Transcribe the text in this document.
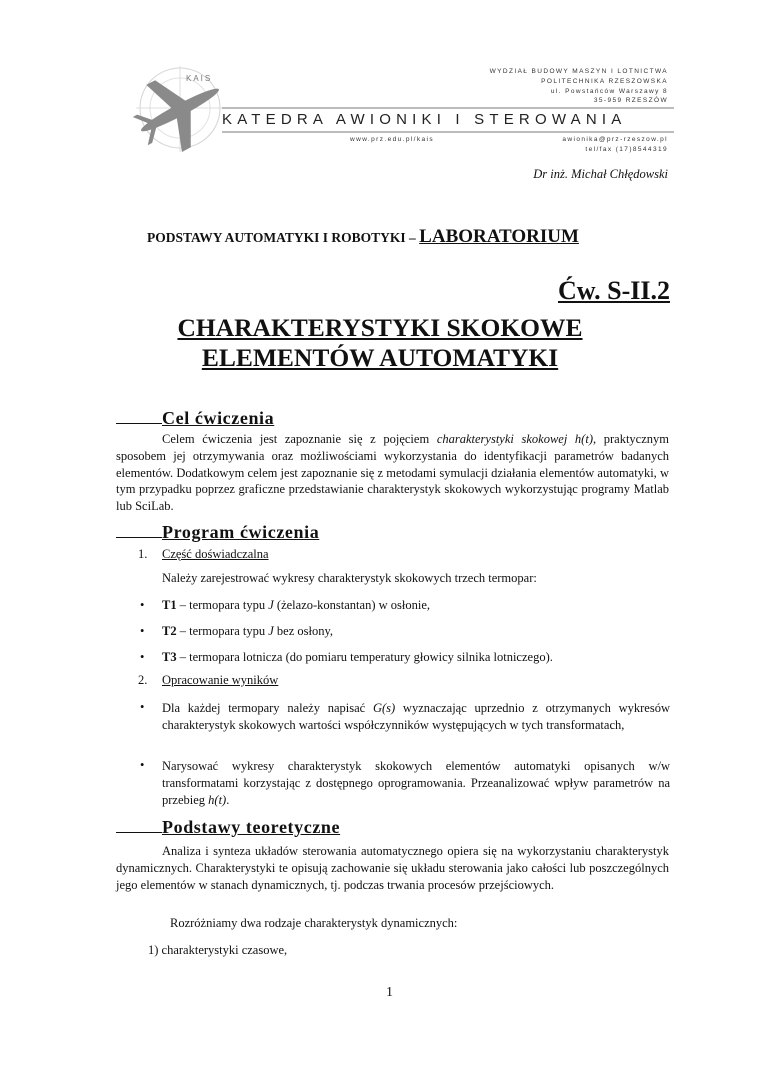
KAIS
WYDZIAŁ BUDOWY MASZYN I LOTNICTWA
POLITECHNIKA RZESZOWSKA
ul. Powstańców Warszawy 8
35-959 RZESZÓW
KATEDRA AWIONIKI I STEROWANIA
www.prz.edu.pl/kais	awionika@prz-rzeszow.pl
tel/fax (17)8544319
Dr inż. Michał Chłędowski
PODSTAWY AUTOMATYKI I ROBOTYKI – LABORATORIUM
Ćw. S-II.2
CHARAKTERYSTYKI SKOKOWE
ELEMENTÓW AUTOMATYKI
Cel ćwiczenia
Celem ćwiczenia jest zapoznanie się z pojęciem charakterystyki skokowej h(t), praktycznym sposobem jej otrzymywania oraz możliwościami wykorzystania do identyfikacji parametrów badanych elementów. Dodatkowym celem jest zapoznanie się z metodami symulacji działania elementów automatyki, w tym przypadku poprzez graficzne przedstawianie charakterystyk skokowych wykorzystując programy Matlab lub SciLab.
Program ćwiczenia
1. Część doświadczalna
Należy zarejestrować wykresy charakterystyk skokowych trzech termopar:
• T1 – termopara typu J (żelazo-konstantan) w osłonie,
• T2 – termopara typu J bez osłony,
• T3 – termopara lotnicza (do pomiaru temperatury głowicy silnika lotniczego).
2. Opracowanie wyników
• Dla każdej termopary należy napisać G(s) wyznaczając uprzednio z otrzymanych wykresów charakterystyk skokowych wartości współczynników występujących w tych transformatach,
• Narysować wykresy charakterystyk skokowych elementów automatyki opisanych w/w transformatami korzystając z dostępnego oprogramowania. Przeanalizować wpływ parametrów na przebieg h(t).
Podstawy teoretyczne
Analiza i synteza układów sterowania automatycznego opiera się na wykorzystaniu charakterystyk dynamicznych. Charakterystyki te opisują zachowanie się układu sterowania jako całości lub poszczególnych jego elementów w stanach dynamicznych, tj. podczas trwania procesów przejściowych.
Rozróżniamy dwa rodzaje charakterystyk dynamicznych:
1) charakterystyki czasowe,
1
